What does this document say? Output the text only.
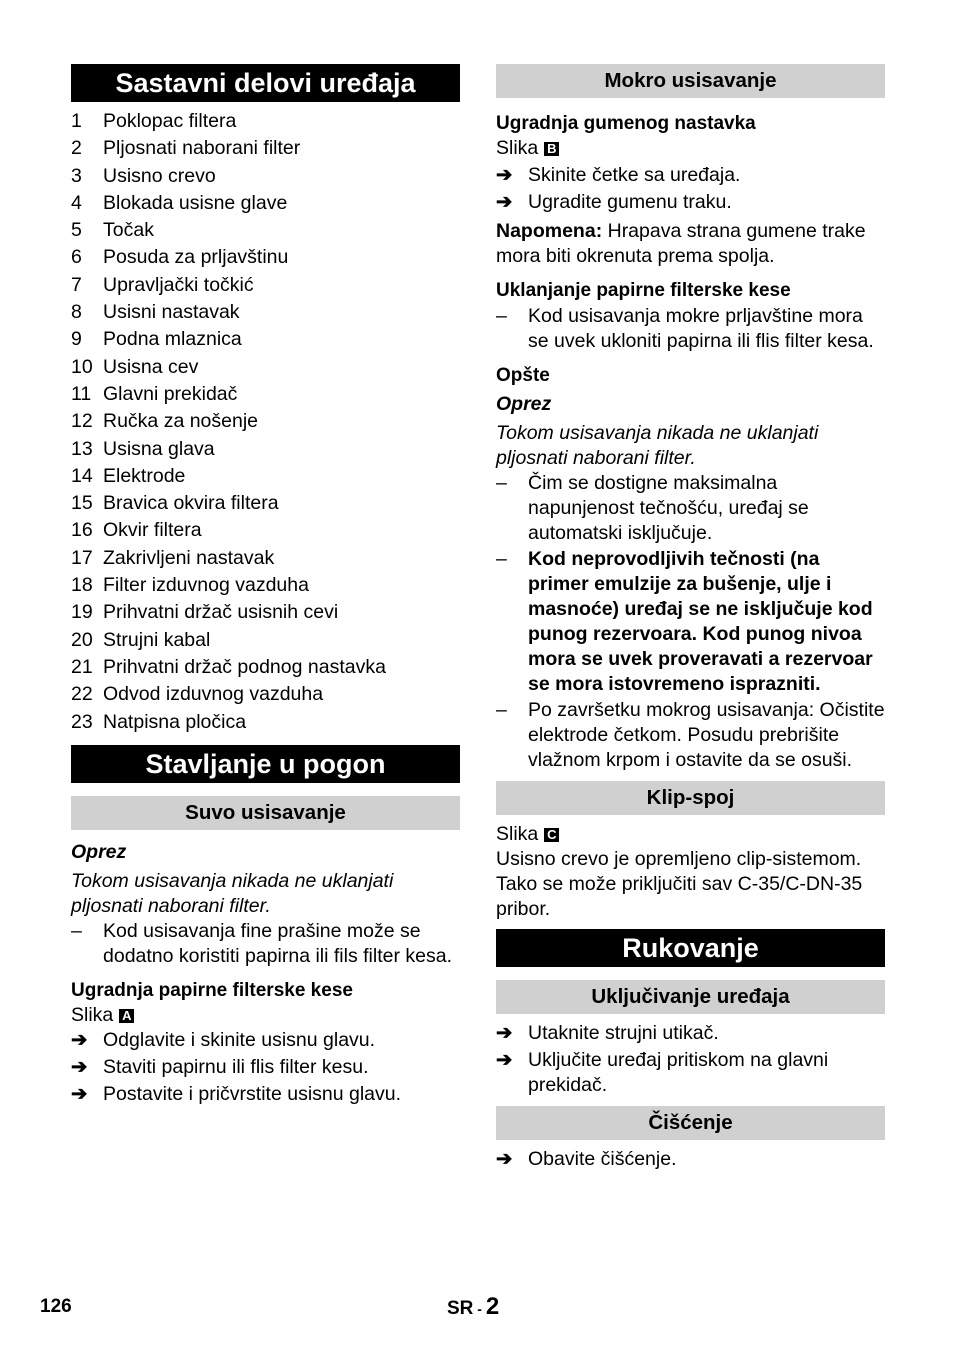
Sastavni delovi uređaja
1	Poklopac filtera
2	Pljosnati naborani filter
3	Usisno crevo
4	Blokada usisne glave
5	Točak
6	Posuda za prljavštinu
7	Upravljački točkić
8	Usisni nastavak
9	Podna mlaznica
10 Usisna cev
11 Glavni prekidač
12 Ručka za nošenje
13 Usisna glava
14 Elektrode
15 Bravica okvira filtera
16 Okvir filtera
17 Zakrivljeni nastavak
18 Filter izduvnog vazduha
19 Prihvatni držač usisnih cevi
20 Strujni kabal
21 Prihvatni držač podnog nastavka
22 Odvod izduvnog vazduha
23 Natpisna pločica
Stavljanje u pogon
Suvo usisavanje
Oprez
Tokom usisavanja nikada ne uklanjati pljosnati naborani filter.
–	Kod usisavanja fine prašine može se dodatno koristiti papirna ili fils filter kesa.
Ugradnja papirne filterske kese
Slika A
➔ Odglavite i skinite usisnu glavu.
➔ Staviti papirnu ili flis filter kesu.
➔ Postavite i pričvrstite usisnu glavu.
Mokro usisavanje
Ugradnja gumenog nastavka
Slika B
➔ Skinite četke sa uređaja.
➔ Ugradite gumenu traku.
Napomena: Hrapava strana gumene trake mora biti okrenuta prema spolja.
Uklanjanje papirne filterske kese
–	Kod usisavanja mokre prljavštine mora se uvek ukloniti papirna ili flis filter kesa.
Opšte
Oprez
Tokom usisavanja nikada ne uklanjati pljosnati naborani filter.
–	Čim se dostigne maksimalna napunjenost tečnošću, uređaj se automatski isključuje.
–	Kod neprovodljivih tečnosti (na primer emulzije za bušenje, ulje i masnoće) uređaj se ne isključuje kod punog rezervoara. Kod punog nivoa mora se uvek proveravati a rezervoar se mora istovremeno isprazniti.
–	Po završetku mokrog usisavanja: Očistite elektrode četkom. Posudu prebrišite vlažnom krpom i ostavite da se osuši.
Klip-spoj
Slika C
Usisno crevo je opremljeno clip-sistemom. Tako se može priključiti sav C-35/C-DN-35 pribor.
Rukovanje
Uključivanje uređaja
➔ Utaknite strujni utikač.
➔ Uključite uređaj pritiskom na glavni prekidač.
Čišćenje
➔ Obavite čišćenje.
126	SR - 2
